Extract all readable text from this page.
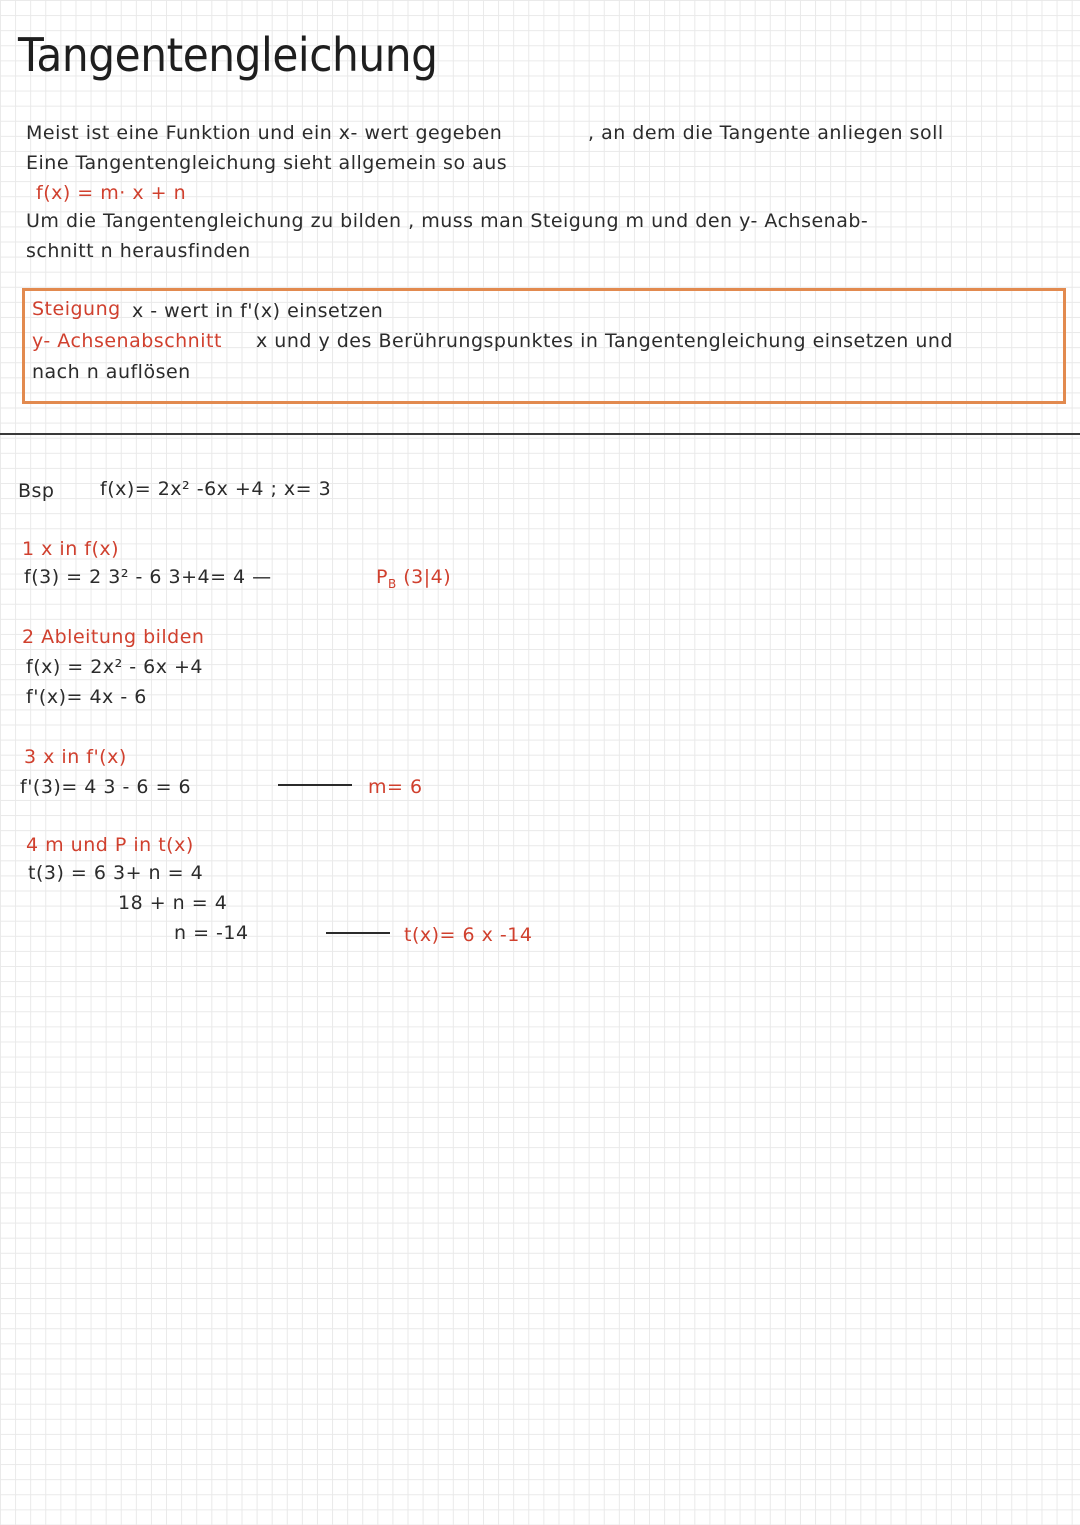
Tangentengleichung
Meist ist eine Funktion und ein x- wert gegeben	, an dem die Tangente anliegen soll
Eine Tangentengleichung sieht allgemein so aus
f(x) = m· x + n
Um die Tangentengleichung zu bilden , muss man Steigung m und den y- Achsenab-
schnitt n herausfinden
Steigung x - wert in f'(x) einsetzen
y- Achsenabschnitt x und y des Berührungspunktes in Tangentengleichung einsetzen und
nach n auflösen
Bsp f(x)= 2x² -6x +4 ; x= 3
1 x in f(x)
f(3) = 2 3² - 6 3+4= 4 —	$P_B$ (3|4)
2 Ableitung bilden
f(x) = 2x² - 6x +4
f'(x)= 4x - 6
3 x in f'(x)
f'(3)= 4 3 - 6 = 6	m= 6
4 m und P in t(x)
t(3) = 6 3+ n = 4
18 + n = 4
n = -14	t(x)= 6 x -14
